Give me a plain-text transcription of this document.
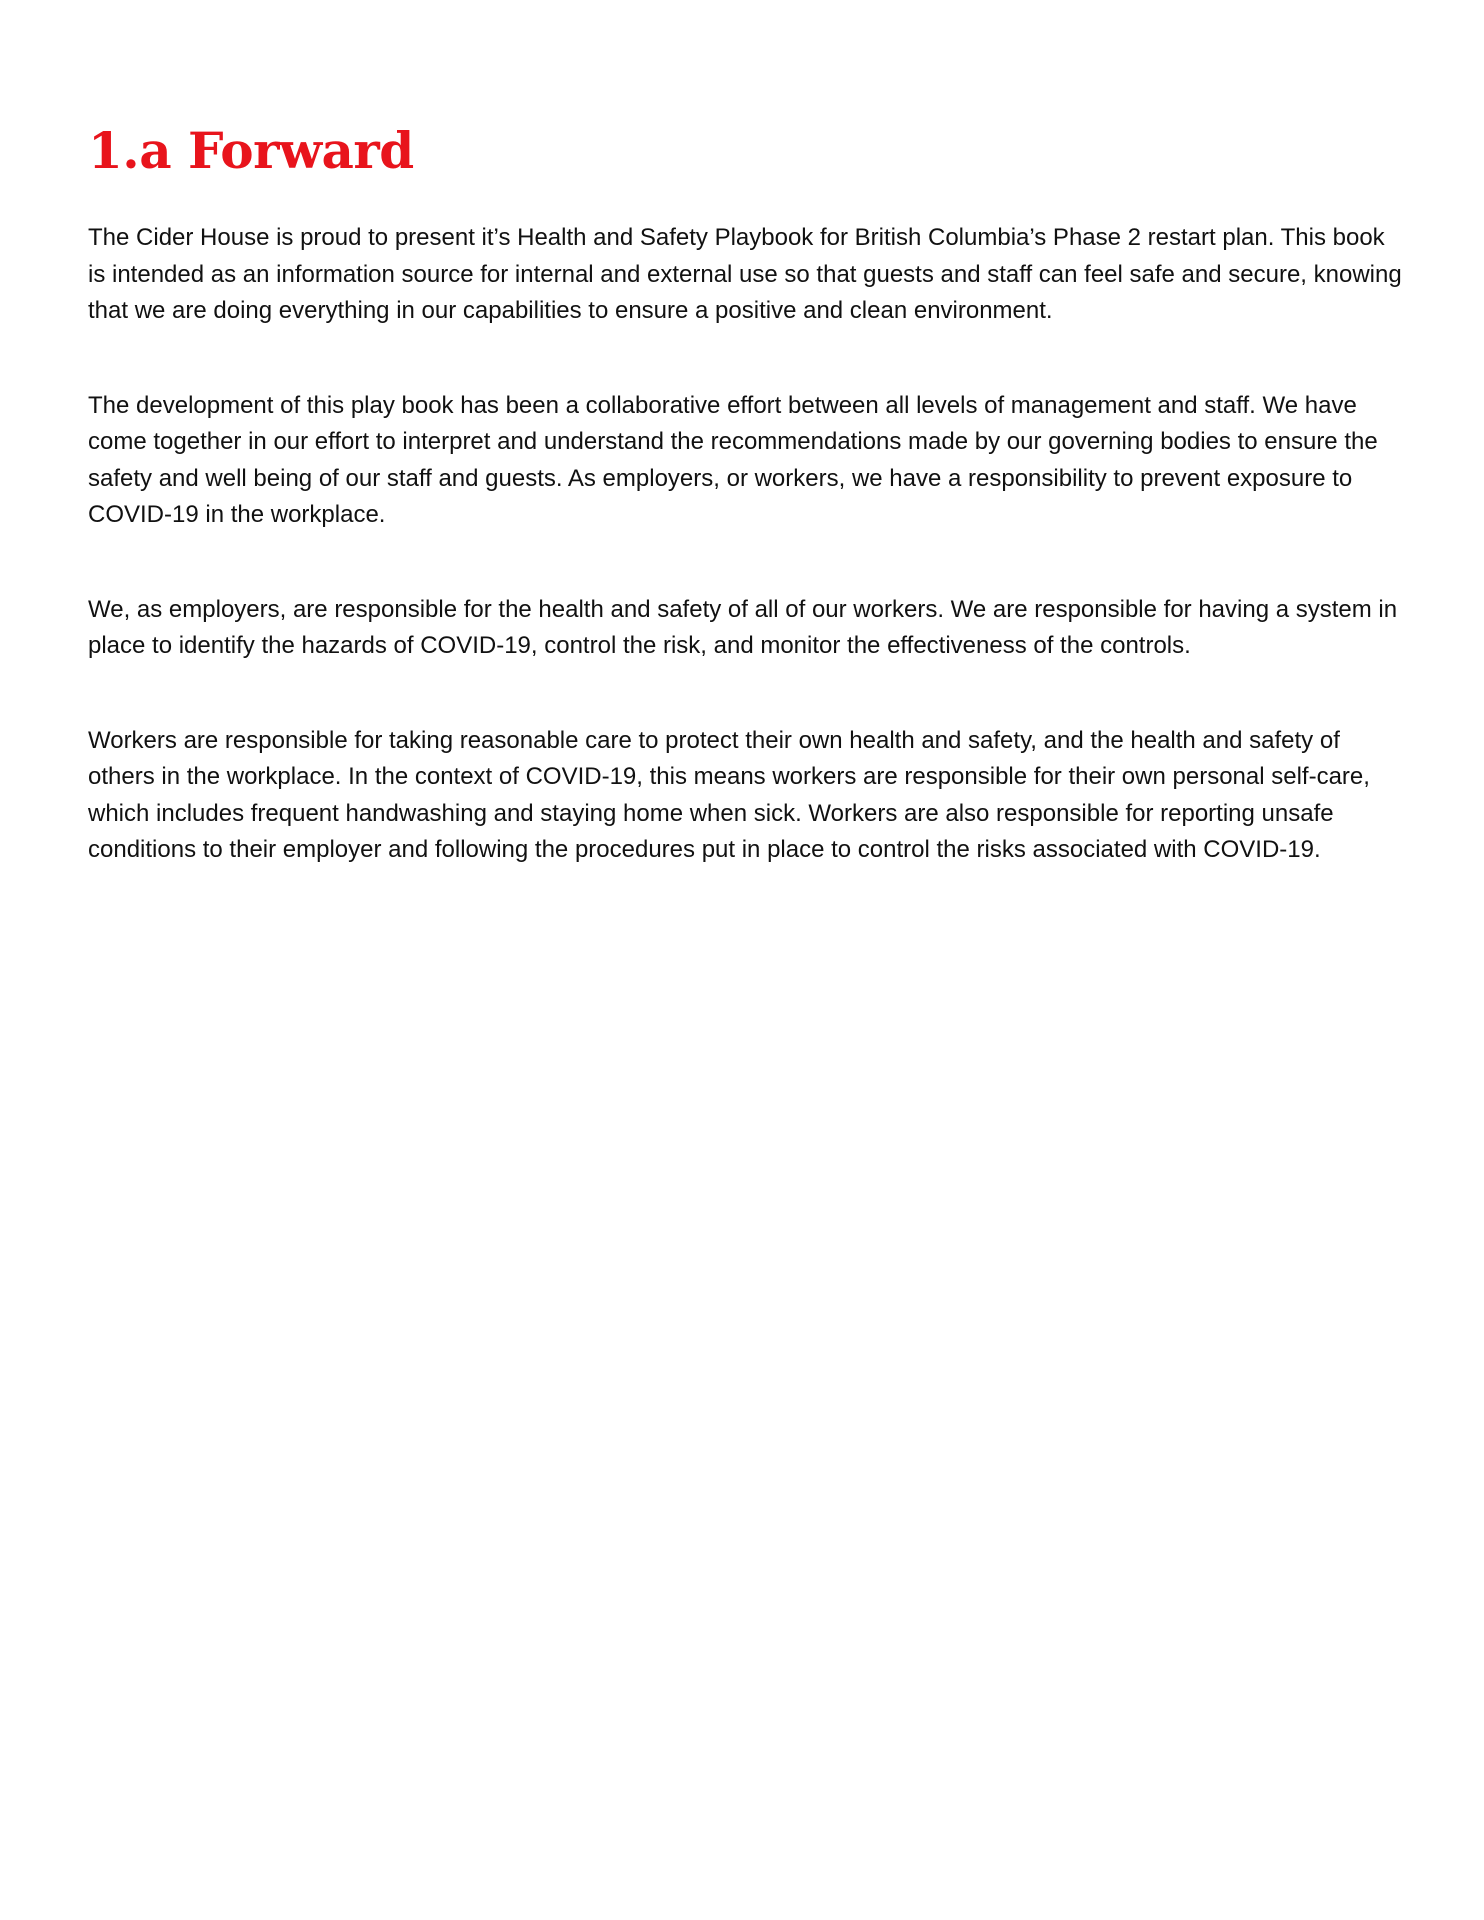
1.a Forward

The Cider House is proud to present it’s Health and Safety Playbook for British Columbia’s Phase 2 restart plan. This book is intended as an information source for internal and external use so that guests and staff can feel safe and secure, knowing that we are doing everything in our capabilities to ensure a positive and clean environment.

The development of this play book has been a collaborative effort between all levels of management and staff. We have come together in our effort to interpret and understand the recommendations made by our governing bodies to ensure the safety and well being of our staff and guests. As employers, or workers, we have a responsibility to prevent exposure to COVID-19 in the workplace.

We, as employers, are responsible for the health and safety of all of our workers. We are responsible for having a system in place to identify the hazards of COVID-19, control the risk, and monitor the effectiveness of the controls.

Workers are responsible for taking reasonable care to protect their own health and safety, and the health and safety of others in the workplace. In the context of COVID-19, this means workers are responsible for their own personal self-care, which includes frequent handwashing and staying home when sick. Workers are also responsible for reporting unsafe conditions to their employer and following the procedures put in place to control the risks associated with COVID-19.
